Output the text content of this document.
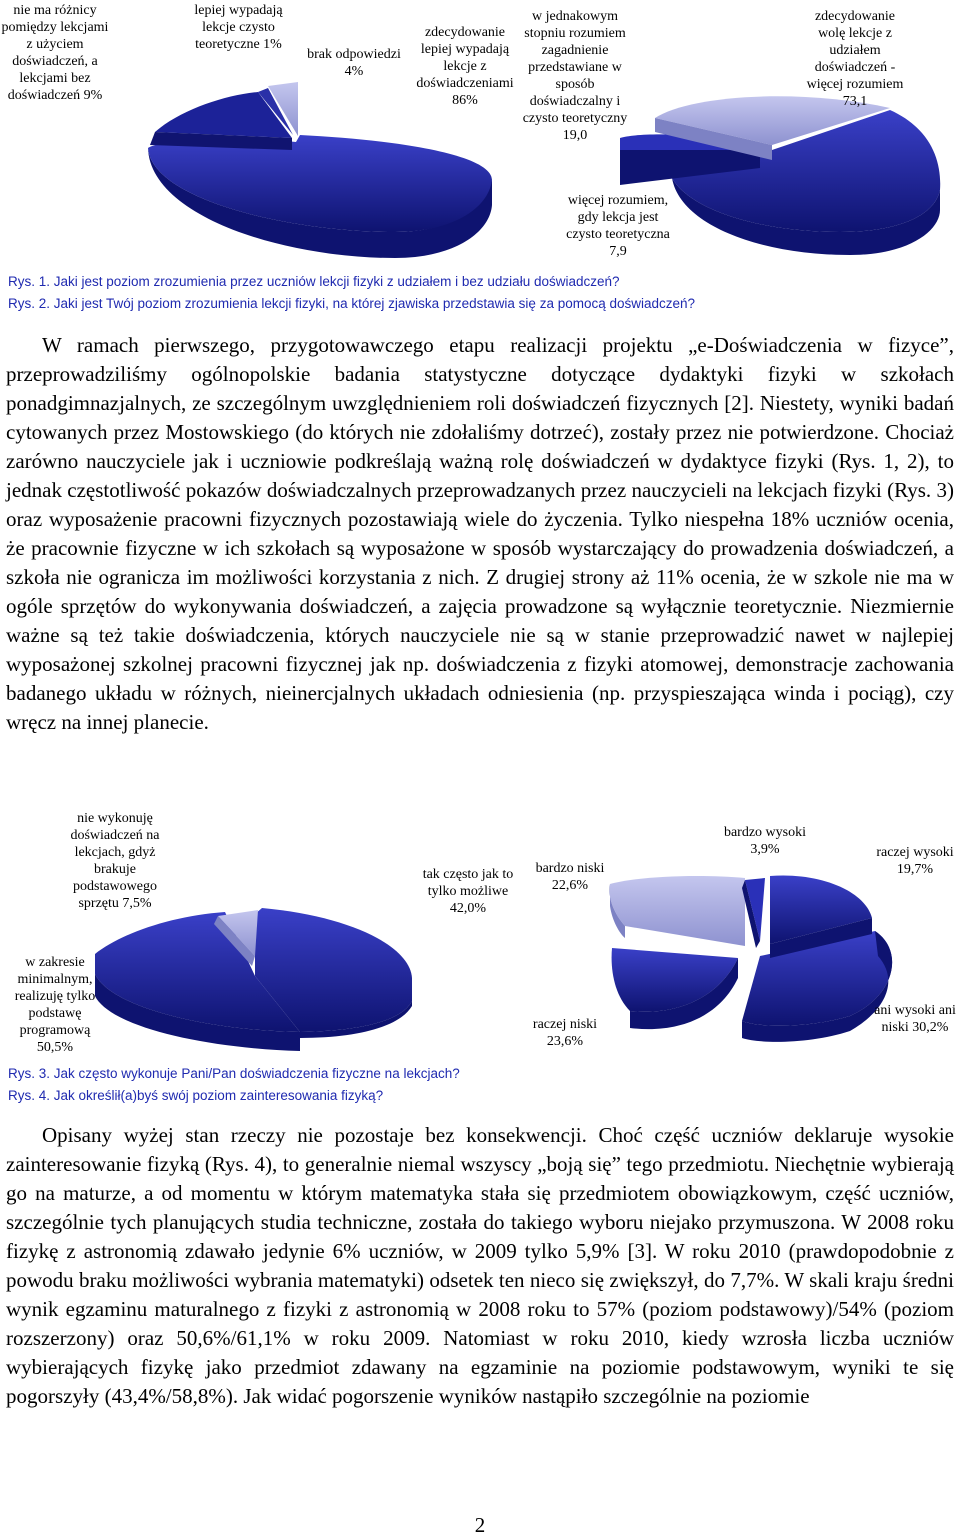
nie ma różnicy pomiędzy lekcjami z użyciem doświadczeń, a lekcjami bez doświadczeń 9%
lepiej wypadają lekcje czysto teoretyczne 1%
brak odpowiedzi 4%
zdecydowanie lepiej wypadają lekcje z doświadczeniami 86%
w jednakowym stopniu rozumiem zagadnienie przedstawiane w sposób doświadczalny i czysto teoretyczny 19,0
zdecydowanie wolę lekcje z udziałem doświadczeń - więcej rozumiem 73,1
więcej rozumiem, gdy lekcja jest czysto teoretyczna 7,9
Rys. 1. Jaki jest poziom zrozumienia przez uczniów lekcji fizyki z udziałem i bez udziału doświadczeń?
Rys. 2. Jaki jest Twój poziom zrozumienia lekcji fizyki, na której zjawiska przedstawia się za pomocą doświadczeń?

W ramach pierwszego, przygotowawczego etapu realizacji projektu „e-Doświadczenia w fizyce”, przeprowadziliśmy ogólnopolskie badania statystyczne dotyczące dydaktyki fizyki w szkołach ponadgimnazjalnych, ze szczególnym uwzględnieniem roli doświadczeń fizycznych [2]. Niestety, wyniki badań cytowanych przez Mostowskiego (do których nie zdołaliśmy dotrzeć), zostały przez nie potwierdzone. Chociaż zarówno nauczyciele jak i uczniowie podkreślają ważną rolę doświadczeń w dydaktyce fizyki (Rys. 1, 2), to jednak częstotliwość pokazów doświadczalnych przeprowadzanych przez nauczycieli na lekcjach fizyki (Rys. 3) oraz wyposażenie pracowni fizycznych pozostawiają wiele do życzenia. Tylko niespełna 18% uczniów ocenia, że pracownie fizyczne w ich szkołach są wyposażone w sposób wystarczający do prowadzenia doświadczeń, a szkoła nie ogranicza im możliwości korzystania z nich. Z drugiej strony aż 11% ocenia, że w szkole nie ma w ogóle sprzętów do wykonywania doświadczeń, a zajęcia prowadzone są wyłącznie teoretycznie. Niezmiernie ważne są też takie doświadczenia, których nauczyciele nie są w stanie przeprowadzić nawet w najlepiej wyposażonej szkolnej pracowni fizycznej jak np. doświadczenia z fizyki atomowej, demonstracje zachowania badanego układu w różnych, nieinercjalnych układach odniesienia (np. przyspieszająca winda i pociąg), czy wręcz na innej planecie.

nie wykonuję doświadczeń na lekcjach, gdyż brakuje podstawowego sprzętu 7,5%
tak często jak to tylko możliwe 42,0%
w zakresie minimalnym, realizuję tylko podstawę programową 50,5%
bardzo wysoki 3,9%	raczej wysoki 19,7%
bardzo niski 22,6%
raczej niski 23,6%
ani wysoki ani niski 30,2%
Rys. 3. Jak często wykonuje Pani/Pan doświadczenia fizyczne na lekcjach?
Rys. 4. Jak określił(a)byś swój poziom zainteresowania fizyką?

Opisany wyżej stan rzeczy nie pozostaje bez konsekwencji. Choć część uczniów deklaruje wysokie zainteresowanie fizyką (Rys. 4), to generalnie niemal wszyscy „boją się” tego przedmiotu. Niechętnie wybierają go na maturze, a od momentu w którym matematyka stała się przedmiotem obowiązkowym, część uczniów, szczególnie tych planujących studia techniczne, została do takiego wyboru niejako przymuszona. W 2008 roku fizykę z astronomią zdawało jedynie 6% uczniów, w 2009 tylko 5,9% [3]. W roku 2010 (prawdopodobnie z powodu braku możliwości wybrania matematyki) odsetek ten nieco się zwiększył, do 7,7%. W skali kraju średni wynik egzaminu maturalnego z fizyki z astronomią w 2008 roku to 57% (poziom podstawowy)/54% (poziom rozszerzony) oraz 50,6%/61,1% w roku 2009. Natomiast w roku 2010, kiedy wzrosła liczba uczniów wybierających fizykę jako przedmiot zdawany na egzaminie na poziomie podstawowym, wyniki te się pogorszyły (43,4%/58,8%). Jak widać pogorszenie wyników nastąpiło szczególnie na poziomie

2
